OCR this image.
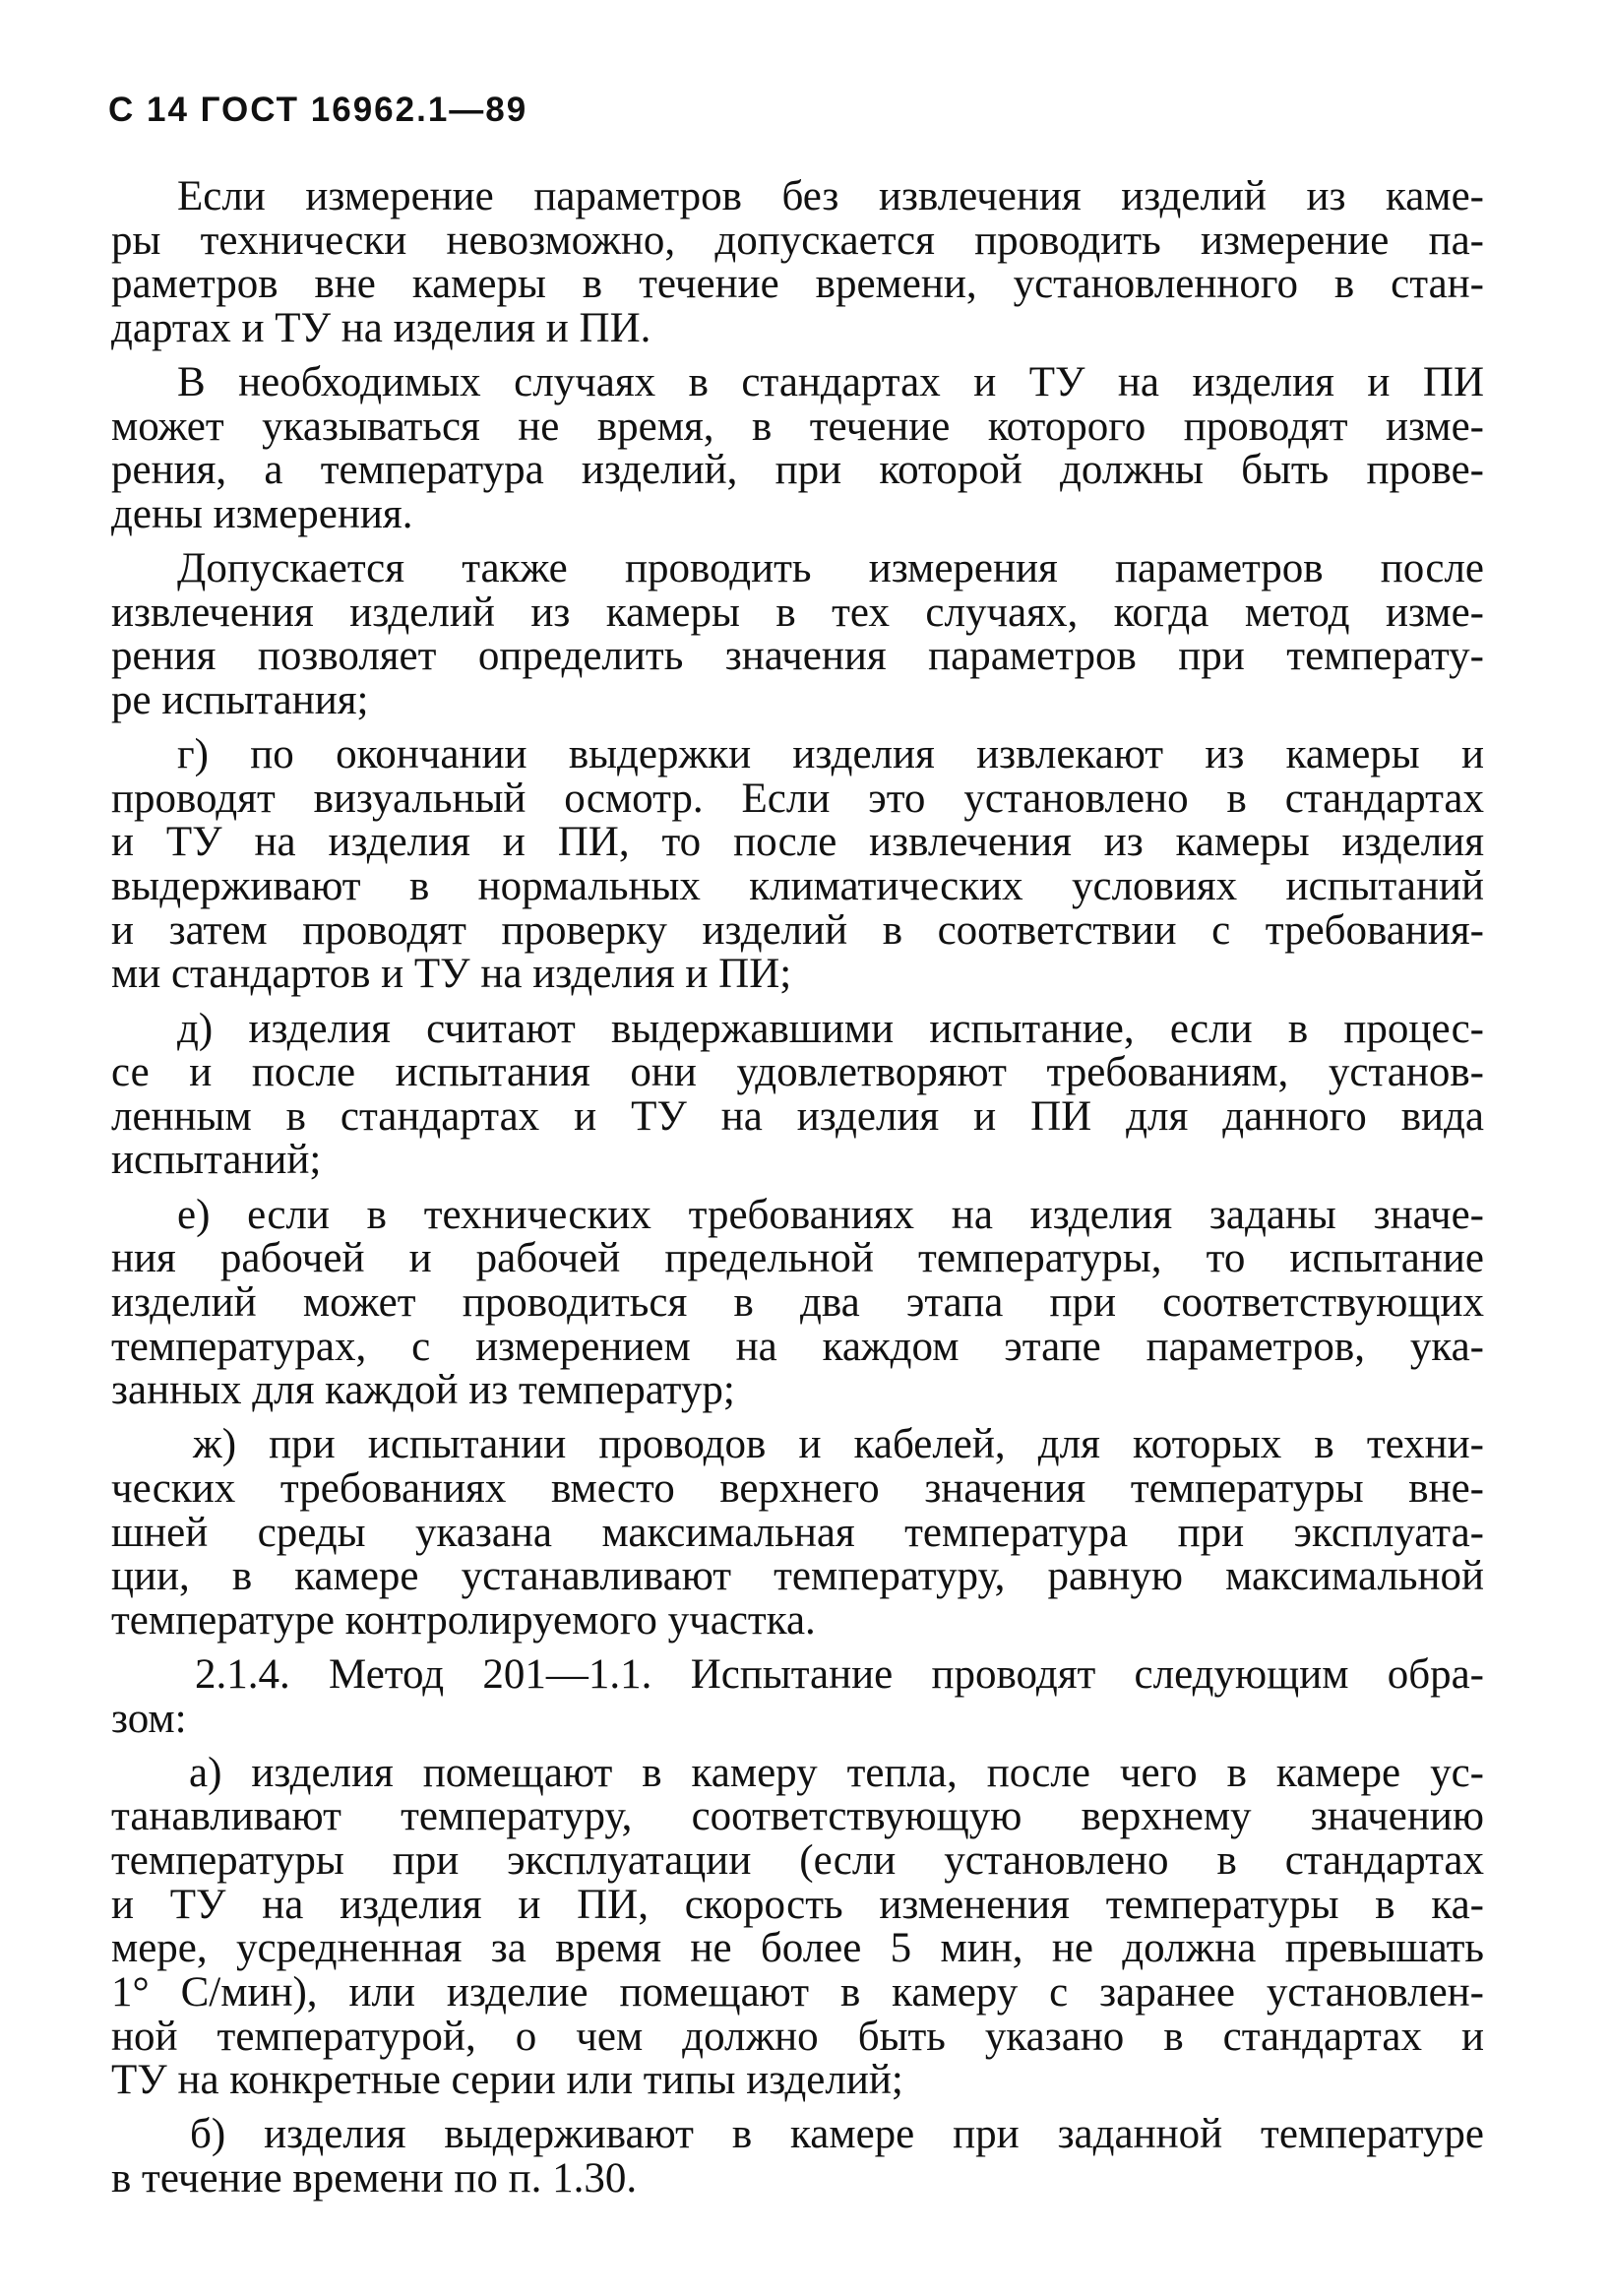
С 14 ГОСТ 16962.1—89
Если измерение параметров без извлечения изделий из каме-
ры технически невозможно, допускается проводить измерение па-
раметров вне камеры в течение времени, установленного в стан-
дартах и ТУ на изделия и ПИ.
В необходимых случаях в стандартах и ТУ на изделия и ПИ
может указываться не время, в течение которого проводят изме-
рения, а температура изделий, при которой должны быть прове-
дены измерения.
Допускается также проводить измерения параметров после
извлечения изделий из камеры в тех случаях, когда метод изме-
рения позволяет определить значения параметров при температу-
ре испытания;
г) по окончании выдержки изделия извлекают из камеры и
проводят визуальный осмотр. Если это установлено в стандартах
и ТУ на изделия и ПИ, то после извлечения из камеры изделия
выдерживают в нормальных климатических условиях испытаний
и затем проводят проверку изделий в соответствии с требования-
ми стандартов и ТУ на изделия и ПИ;
д) изделия считают выдержавшими испытание, если в процес-
се и после испытания они удовлетворяют требованиям, установ-
ленным в стандартах и ТУ на изделия и ПИ для данного вида
испытаний;
е) если в технических требованиях на изделия заданы значе-
ния рабочей и рабочей предельной температуры, то испытание
изделий может проводиться в два этапа при соответствующих
температурах, с измерением на каждом этапе параметров, ука-
занных для каждой из температур;
ж) при испытании проводов и кабелей, для которых в техни-
ческих требованиях вместо верхнего значения температуры вне-
шней среды указана максимальная температура при эксплуата-
ции, в камере устанавливают температуру, равную максимальной
температуре контролируемого участка.
2.1.4. Метод 201—1.1. Испытание проводят следующим обра-
зом:
а) изделия помещают в камеру тепла, после чего в камере ус-
танавливают температуру, соответствующую верхнему значению
температуры при эксплуатации (если установлено в стандартах
и ТУ на изделия и ПИ, скорость изменения температуры в ка-
мере, усредненная за время не более 5 мин, не должна превышать
1° С/мин), или изделие помещают в камеру с заранее установлен-
ной температурой, о чем должно быть указано в стандартах и
ТУ на конкретные серии или типы изделий;
б) изделия выдерживают в камере при заданной температуре
в течение времени по п. 1.30.
